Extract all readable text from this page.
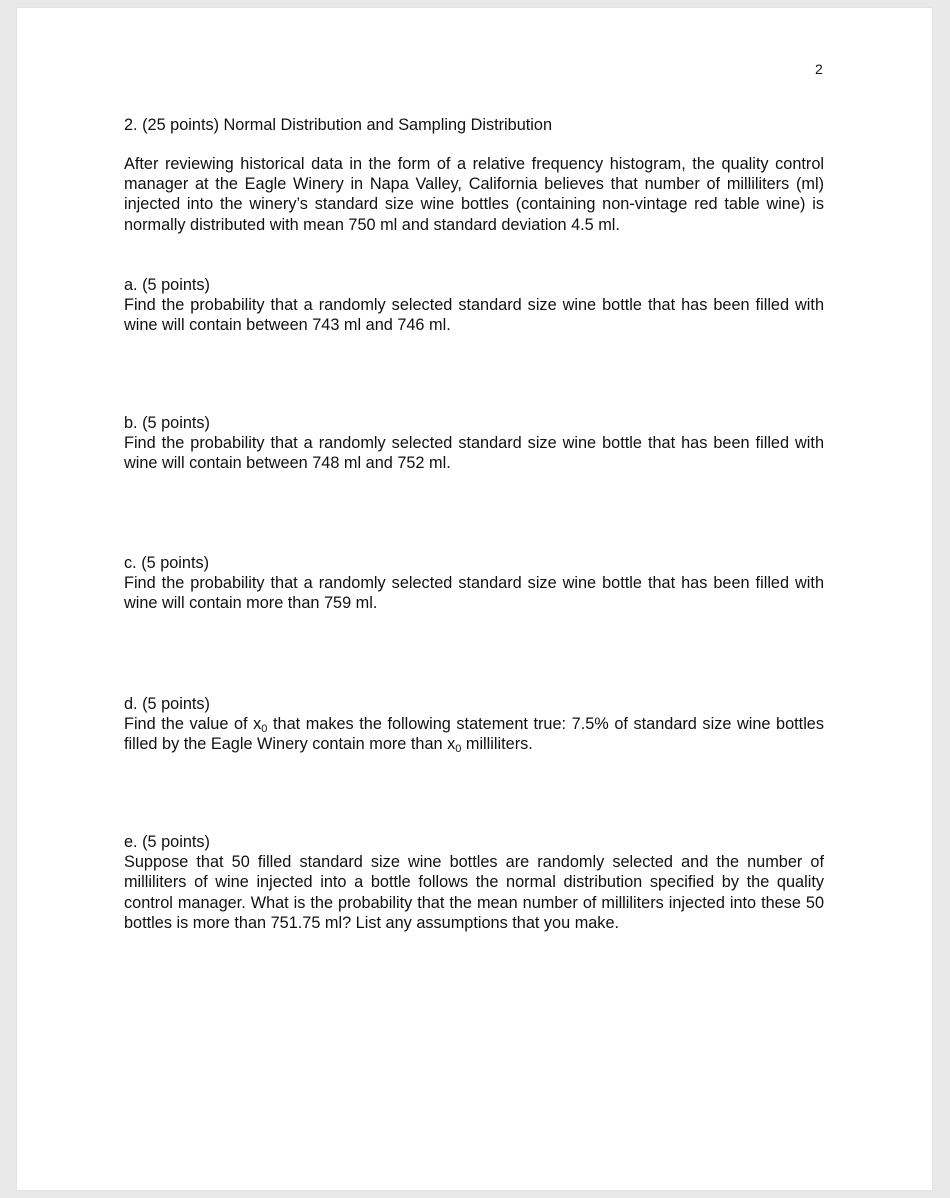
2
2. (25 points) Normal Distribution and Sampling Distribution
After reviewing historical data in the form of a relative frequency histogram, the quality control manager at the Eagle Winery in Napa Valley, California believes that number of milliliters (ml) injected into the winery’s standard size wine bottles (containing non-vintage red table wine) is normally distributed with mean 750 ml and standard deviation 4.5 ml.
a. (5 points)
Find the probability that a randomly selected standard size wine bottle that has been filled with wine will contain between 743 ml and 746 ml.
b. (5 points)
Find the probability that a randomly selected standard size wine bottle that has been filled with wine will contain between 748 ml and 752 ml.
c. (5 points)
Find the probability that a randomly selected standard size wine bottle that has been filled with wine will contain more than 759 ml.
d. (5 points)
Find the value of $x_0$ that makes the following statement true: 7.5% of standard size wine bottles filled by the Eagle Winery contain more than $x_0$ milliliters.
e. (5 points)
Suppose that 50 filled standard size wine bottles are randomly selected and the number of milliliters of wine injected into a bottle follows the normal distribution specified by the quality control manager. What is the probability that the mean number of milliliters injected into these 50 bottles is more than 751.75 ml? List any assumptions that you make.
